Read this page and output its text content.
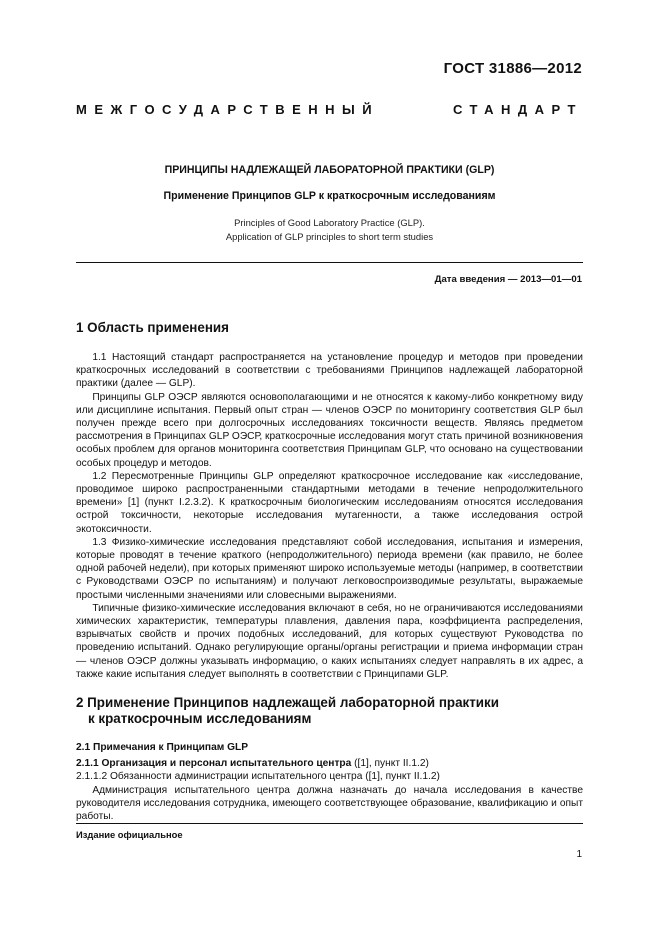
ГОСТ 31886—2012
МЕЖГОСУДАРСТВЕННЫЙ СТАНДАРТ
ПРИНЦИПЫ НАДЛЕЖАЩЕЙ ЛАБОРАТОРНОЙ ПРАКТИКИ (GLP)
Применение Принципов GLP к краткосрочным исследованиям
Principles of Good Laboratory Practice (GLP).
Application of GLP principles to short term studies
Дата введения — 2013—01—01
1 Область применения

1.1 Настоящий стандарт распространяется на установление процедур и методов при проведении краткосрочных исследований в соответствии с требованиями Принципов надлежащей лабораторной практики (далее — GLP).

Принципы GLP ОЭСР являются основополагающими и не относятся к какому-либо конкретному виду или дисциплине испытания. Первый опыт стран — членов ОЭСР по мониторингу соответствия GLP был получен прежде всего при долгосрочных исследованиях токсичности веществ. Являясь предметом рассмотрения в Принципах GLP ОЭСР, краткосрочные исследования могут стать причиной возникновения особых проблем для органов мониторинга соответствия Принципам GLP, что основано на существовании особых процедур и методов.

1.2 Пересмотренные Принципы GLP определяют краткосрочное исследование как «исследование, проводимое широко распространенными стандартными методами в течение непродолжительного времени» [1] (пункт I.2.3.2). К краткосрочным биологическим исследованиям относятся исследования острой токсичности, некоторые исследования мутагенности, а также исследования острой экотоксичности.

1.3 Физико-химические исследования представляют собой исследования, испытания и измерения, которые проводят в течение краткого (непродолжительного) периода времени (как правило, не более одной рабочей недели), при которых применяют широко используемые методы (например, в соответствии с Руководствами ОЭСР по испытаниям) и получают легковоспроизводимые результаты, выражаемые простыми численными значениями или словесными выражениями.

Типичные физико-химические исследования включают в себя, но не ограничиваются исследованиями химических характеристик, температуры плавления, давления пара, коэффициента распределения, взрывчатых свойств и прочих подобных исследований, для которых существуют Руководства по проведению испытаний. Однако регулирующие органы/органы регистрации и приема информации стран — членов ОЭСР должны указывать информацию, о каких испытаниях следует направлять в их адрес, а также какие испытания следует выполнять в соответствии с Принципами GLP.

2 Применение Принципов надлежащей лабораторной практики
к краткосрочным исследованиям

2.1 Примечания к Принципам GLP

2.1.1 Организация и персонал испытательного центра ([1], пункт II.1.2)

2.1.1.2 Обязанности администрации испытательного центра ([1], пункт II.1.2)

Администрация испытательного центра должна назначать до начала исследования в качестве руководителя исследования сотрудника, имеющего соответствующее образование, квалификацию и опыт работы.

Издание официальное
1
